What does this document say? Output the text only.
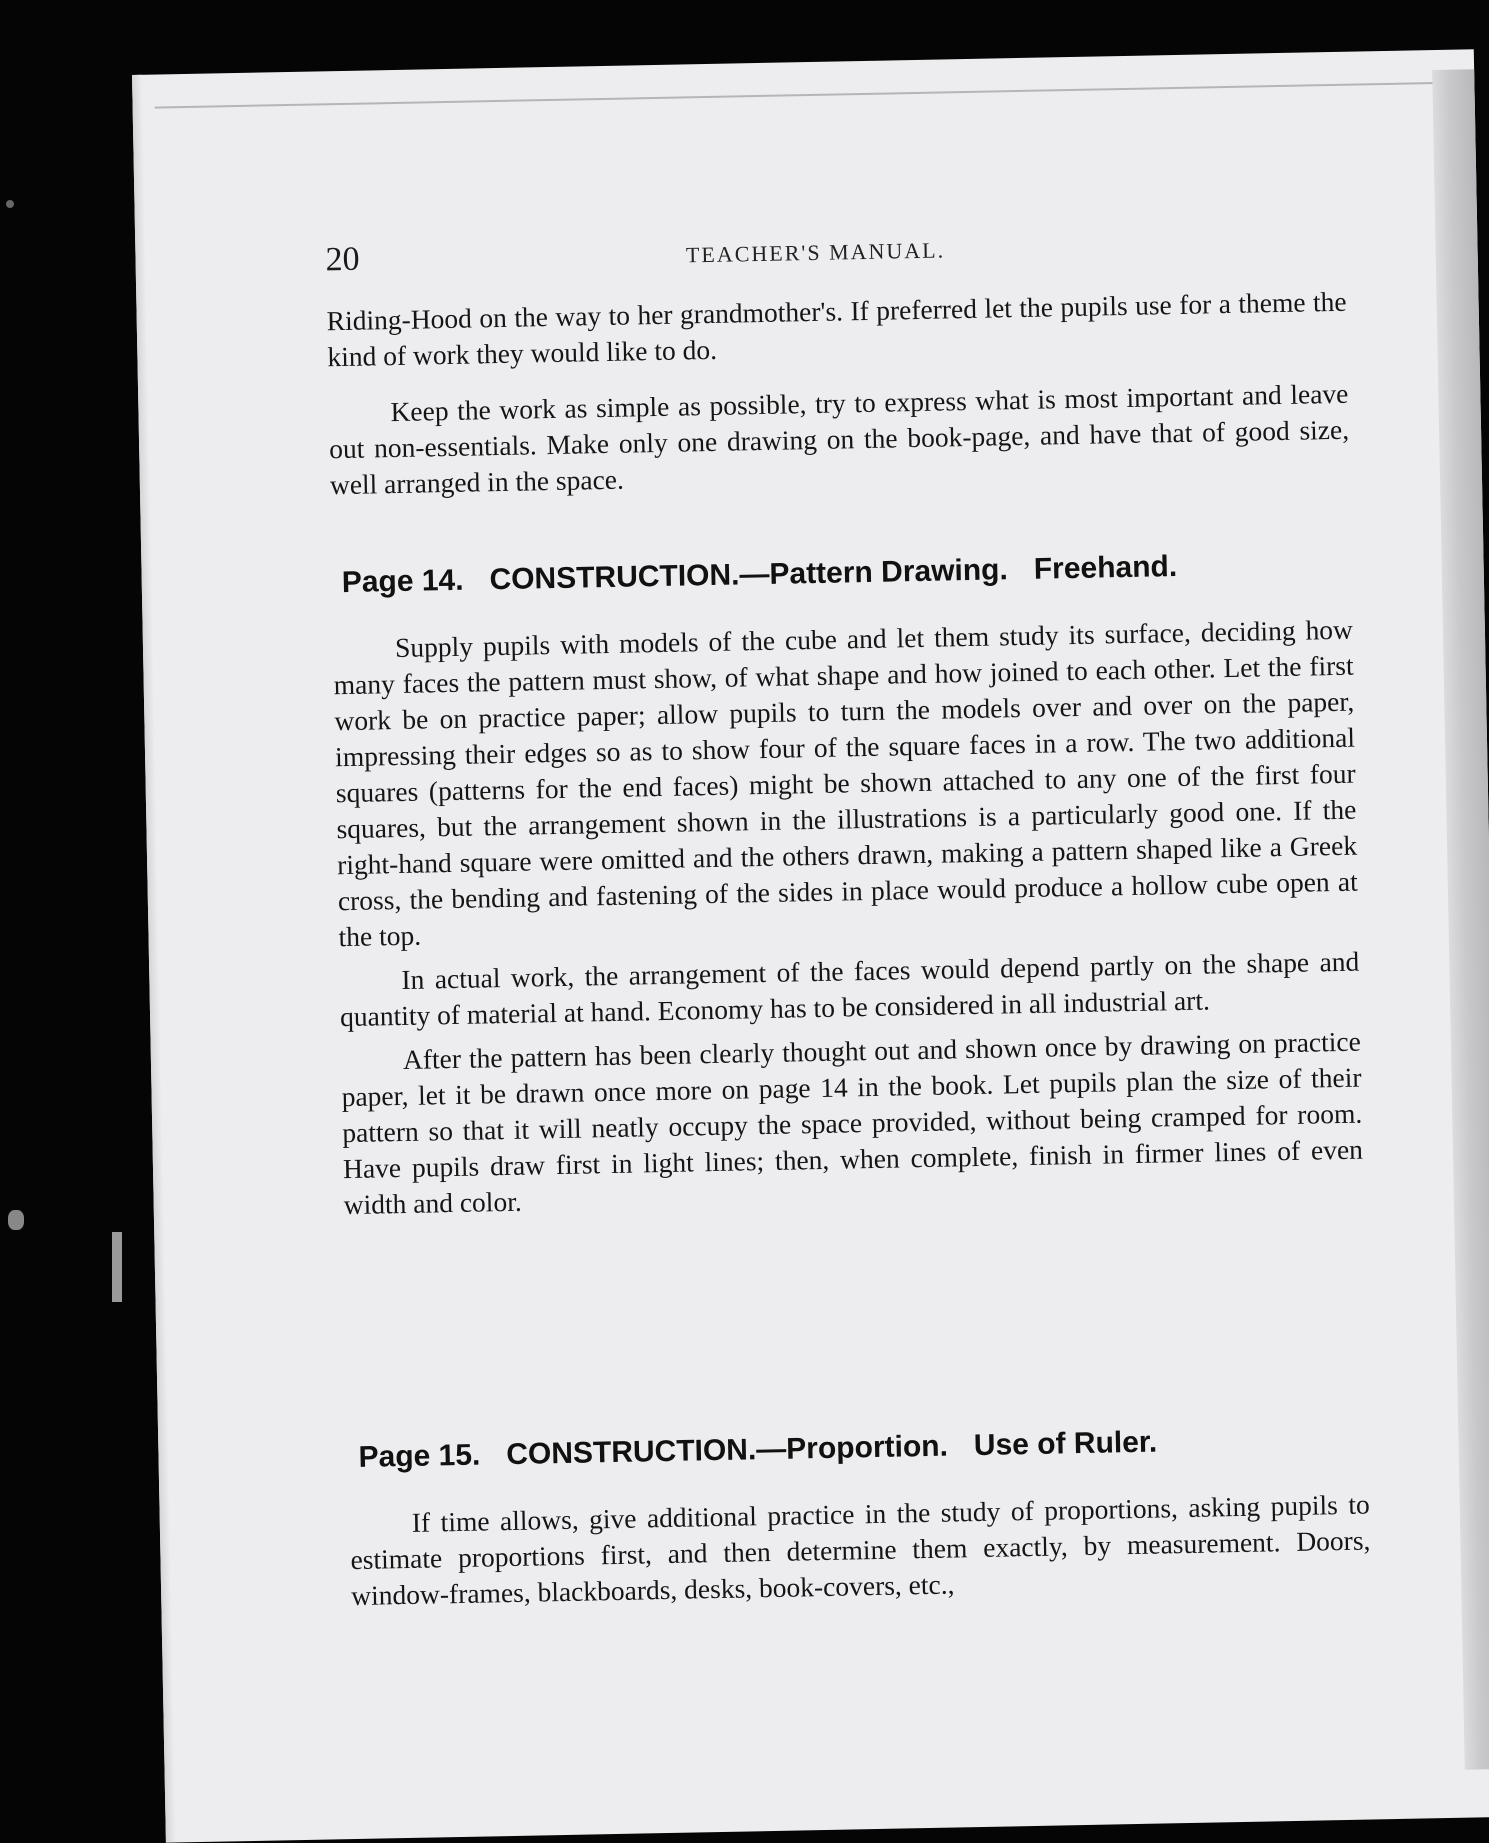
20	TEACHER'S MANUAL.

Riding-Hood on the way to her grandmother's. If preferred let the pupils use for a theme the kind of work they would like to do.

Keep the work as simple as possible, try to express what is most important and leave out non-essentials. Make only one drawing on the book-page, and have that of good size, well arranged in the space.

Page 14. CONSTRUCTION.—Pattern Drawing. Freehand.

Supply pupils with models of the cube and let them study its surface, deciding how many faces the pattern must show, of what shape and how joined to each other. Let the first work be on practice paper; allow pupils to turn the models over and over on the paper, impressing their edges so as to show four of the square faces in a row. The two additional squares (patterns for the end faces) might be shown attached to any one of the first four squares, but the arrangement shown in the illustrations is a particularly good one. If the right-hand square were omitted and the others drawn, making a pattern shaped like a Greek cross, the bending and fastening of the sides in place would produce a hollow cube open at the top.

In actual work, the arrangement of the faces would depend partly on the shape and quantity of material at hand. Economy has to be considered in all industrial art.

After the pattern has been clearly thought out and shown once by drawing on practice paper, let it be drawn once more on page 14 in the book. Let pupils plan the size of their pattern so that it will neatly occupy the space provided, without being cramped for room. Have pupils draw first in light lines; then, when complete, finish in firmer lines of even width and color.

Page 15. CONSTRUCTION.—Proportion. Use of Ruler.

If time allows, give additional practice in the study of proportions, asking pupils to estimate proportions first, and then determine them exactly, by measurement. Doors, window-frames, blackboards, desks, book-covers, etc.,
